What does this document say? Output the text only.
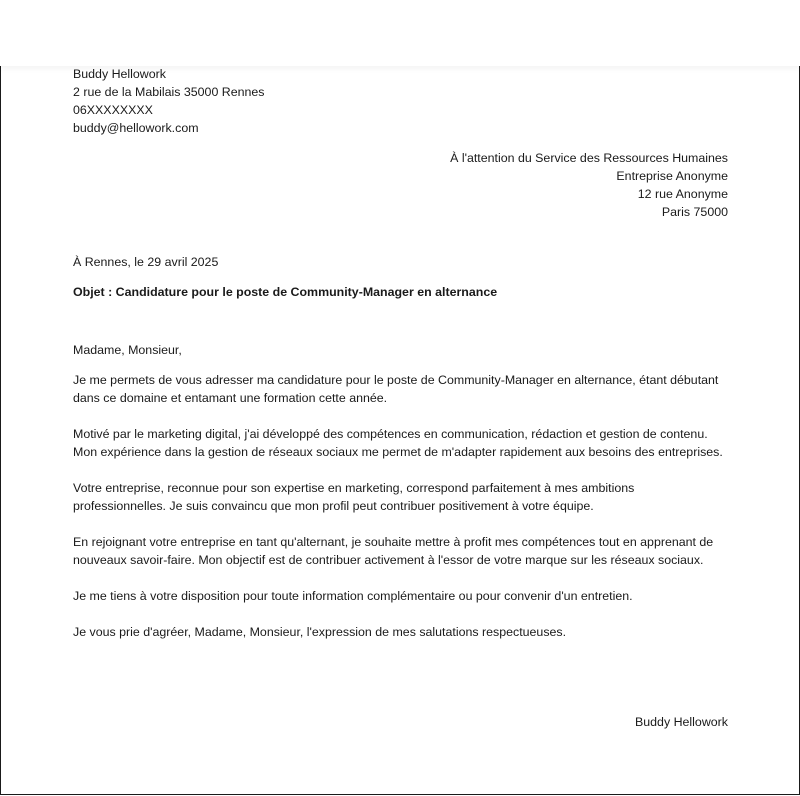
Buddy Hellowork
2 rue de la Mabilais 35000 Rennes
06XXXXXXXX
buddy@hellowork.com
À l'attention du Service des Ressources Humaines
Entreprise Anonyme
12 rue Anonyme
Paris 75000
À Rennes, le 29 avril 2025
Objet : Candidature pour le poste de Community-Manager en alternance
Madame, Monsieur,

Je me permets de vous adresser ma candidature pour le poste de Community-Manager en alternance, étant débutant dans ce domaine et entamant une formation cette année.

Motivé par le marketing digital, j'ai développé des compétences en communication, rédaction et gestion de contenu. Mon expérience dans la gestion de réseaux sociaux me permet de m'adapter rapidement aux besoins des entreprises.

Votre entreprise, reconnue pour son expertise en marketing, correspond parfaitement à mes ambitions professionnelles. Je suis convaincu que mon profil peut contribuer positivement à votre équipe.

En rejoignant votre entreprise en tant qu'alternant, je souhaite mettre à profit mes compétences tout en apprenant de nouveaux savoir-faire. Mon objectif est de contribuer activement à l'essor de votre marque sur les réseaux sociaux.

Je me tiens à votre disposition pour toute information complémentaire ou pour convenir d'un entretien.

Je vous prie d'agréer, Madame, Monsieur, l'expression de mes salutations respectueuses.

Buddy Hellowork
